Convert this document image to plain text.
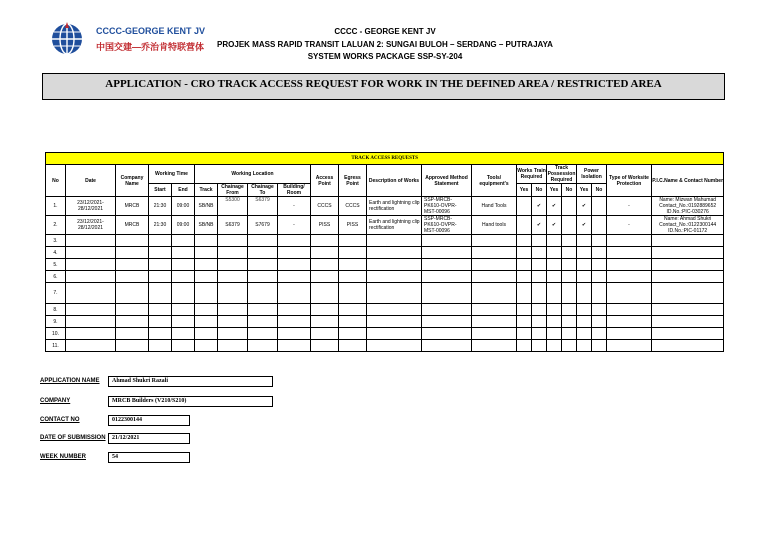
CCCC-GEORGE KENT JV
中国交建—乔治肯特联营体
CCCC - GEORGE KENT JV
PROJEK MASS RAPID TRANSIT LALUAN 2: SUNGAI BULOH – SERDANG – PUTRAJAYA
SYSTEM WORKS PACKAGE SSP-SY-204
APPLICATION - CRO TRACK ACCESS REQUEST FOR WORK IN THE DEFINED AREA / RESTRICTED AREA
TRACK ACCESS REQUESTS																					
No	Date	Company Name	Working Time		Working Location				Access Point	Egress Point	Description of Works	Approved Method Statement	Tools/ equipment's	Works Train Required		Track Possession Required		Power Isolation		Type of Worksite Protection	P.I.C.Name & Contact Number
			Start	End	Track	Chainage From	Chainage To	Building/ Room						Yes	No	Yes	No	Yes	No		
1.	23/12/2021-
28/12/2021	MRCB	21:30	09:00	SB/NB	S5300	S6379	-	CCCS	CCCS	Earth and lightning clip rectification	SSP-MRCB-
PK610-OVPR-
MST-00096	Hand Tools		✔	✔		✔		-	Name: Mizwan Mahumad
Contact_No.:0192889652
ID.No.:PIC-030276

2.	23/12/2021-
28/12/2021	MRCB	21:30	09:00	SB/NB	S6379	S7679	-	PISS	PISS	Earth and lightning clip rectification	SSP-MRCB-
PK610-OVPR-
MST-00096	Hand tools		✔	✔		✔		-	Name: Ahmad Shukri
Contact_No.:0122300144
ID.No.:PIC-01172

3.																					
4.																					
5.																					
6.																					
7.																					
8.																					
9.																					
10.																					
11.																					
APPLICATION NAME	Ahmad Shukri Razali
COMPANY	MRCB Builders (V210/S210)
CONTACT NO	0122300144
DATE OF SUBMISSION	21/12/2021
WEEK NUMBER	54
